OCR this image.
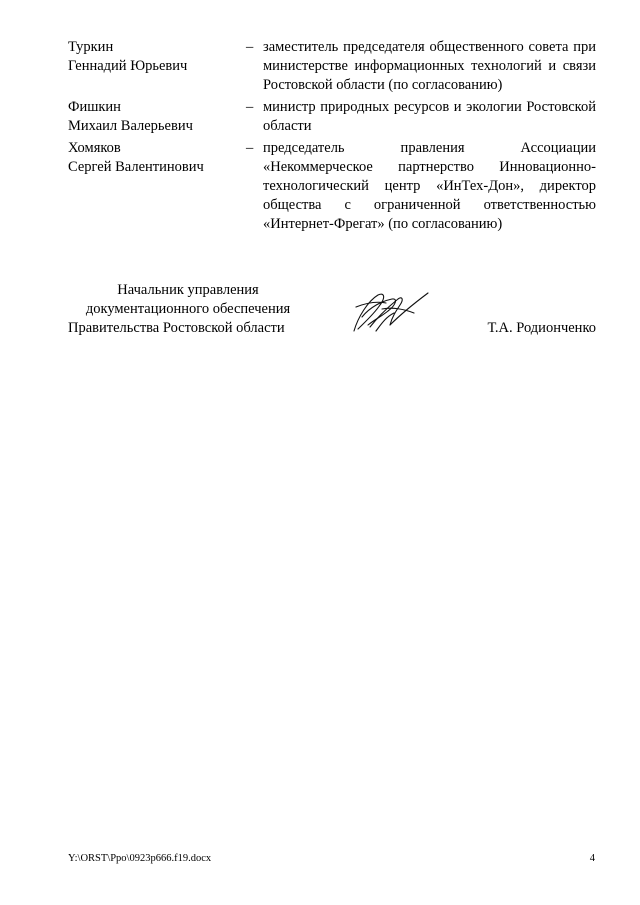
Туркин
Геннадий Юрьевич
– заместитель председателя общественного совета при министерстве информационных технологий и связи Ростовской области (по согласованию)
Фишкин
Михаил Валерьевич
– министр природных ресурсов и экологии Ростовской области
Хомяков
Сергей Валентинович
– председатель правления Ассоциации «Некоммерческое партнерство Инновационно-технологический центр «ИнТех-Дон», директор общества с ограниченной ответственностью «Интернет-Фрегат» (по согласованию)
Начальник управления
документационного обеспечения
Правительства Ростовской области	Т.А. Родионченко
Y:\ORST\Ppo\0923p666.f19.docx	4
